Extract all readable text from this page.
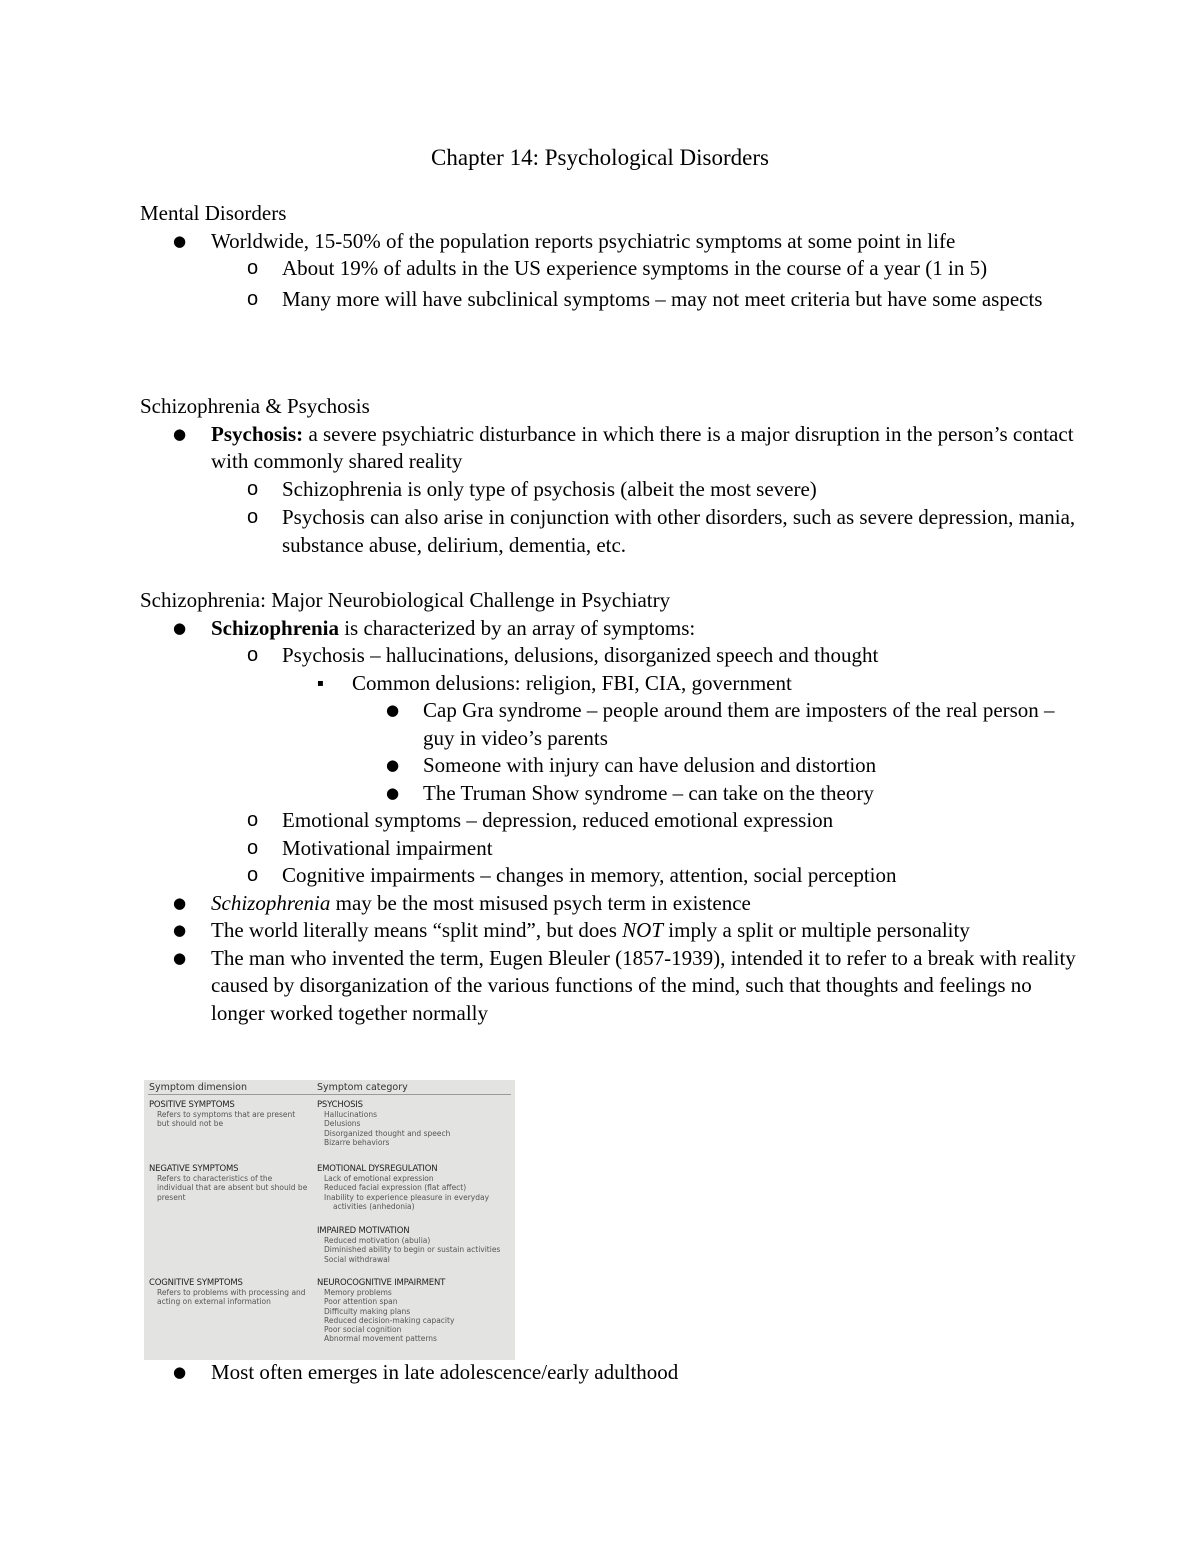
Chapter 14: Psychological Disorders
Mental Disorders
● Worldwide, 15-50% of the population reports psychiatric symptoms at some point in life
o About 19% of adults in the US experience symptoms in the course of a year (1 in 5)
o Many more will have subclinical symptoms – may not meet criteria but have some aspects
Schizophrenia & Psychosis
● Psychosis: a severe psychiatric disturbance in which there is a major disruption in the person’s contact with commonly shared reality
o Schizophrenia is only type of psychosis (albeit the most severe)
o Psychosis can also arise in conjunction with other disorders, such as severe depression, mania, substance abuse, delirium, dementia, etc.
Schizophrenia: Major Neurobiological Challenge in Psychiatry
● Schizophrenia is characterized by an array of symptoms:
o Psychosis – hallucinations, delusions, disorganized speech and thought
▪ Common delusions: religion, FBI, CIA, government
● Cap Gra syndrome – people around them are imposters of the real person – guy in video’s parents
● Someone with injury can have delusion and distortion
● The Truman Show syndrome – can take on the theory
o Emotional symptoms – depression, reduced emotional expression
o Motivational impairment
o Cognitive impairments – changes in memory, attention, social perception
● Schizophrenia may be the most misused psych term in existence
● The world literally means “split mind”, but does NOT imply a split or multiple personality
● The man who invented the term, Eugen Bleuler (1857-1939), intended it to refer to a break with reality caused by disorganization of the various functions of the mind, such that thoughts and feelings no longer worked together normally
Symptom dimension	Symptom category
POSITIVE SYMPTOMS
Refers to symptoms that are present but should not be
PSYCHOSIS
Hallucinations
Delusions
Disorganized thought and speech
Bizarre behaviors
NEGATIVE SYMPTOMS
Refers to characteristics of the individual that are absent but should be present
EMOTIONAL DYSREGULATION
Lack of emotional expression
Reduced facial expression (flat affect)
Inability to experience pleasure in everyday
activities (anhedonia)
IMPAIRED MOTIVATION
Reduced motivation (abulia)
Diminished ability to begin or sustain activities
Social withdrawal
COGNITIVE SYMPTOMS
Refers to problems with processing and acting on external information
NEUROCOGNITIVE IMPAIRMENT
Memory problems
Poor attention span
Difficulty making plans
Reduced decision-making capacity
Poor social cognition
Abnormal movement patterns
● Most often emerges in late adolescence/early adulthood
